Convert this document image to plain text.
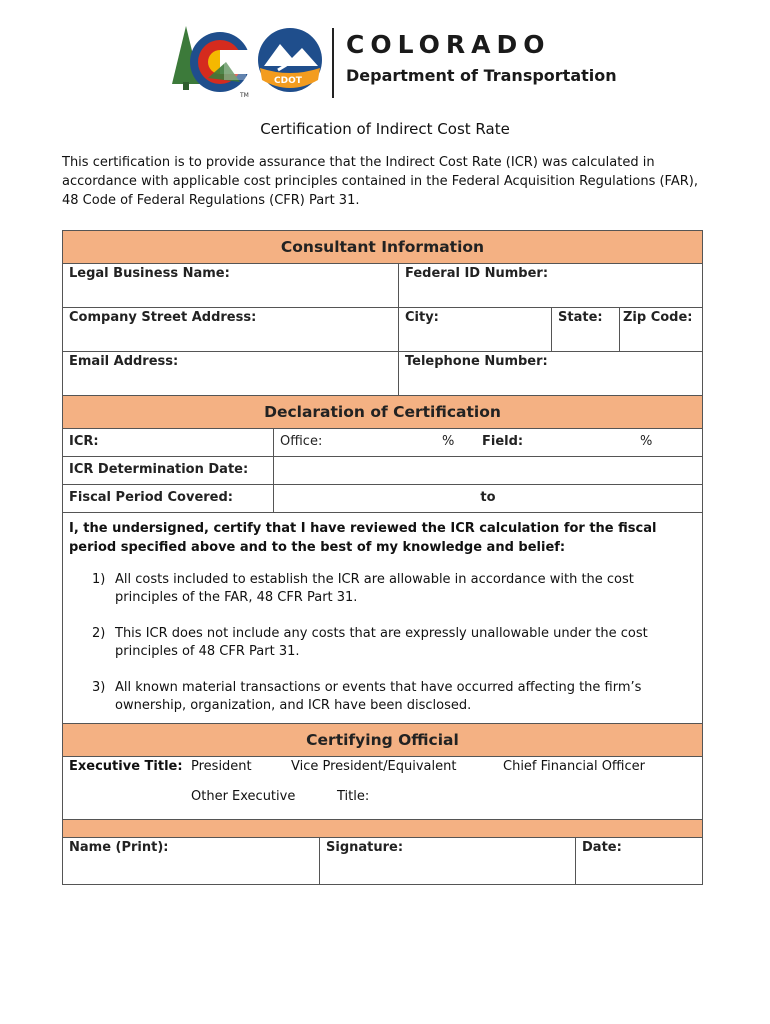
CDOT
TM
COLORADO
Department of Transportation
Certification of Indirect Cost Rate
This certification is to provide assurance that the Indirect Cost Rate (ICR) was calculated in accordance with applicable cost principles contained in the Federal Acquisition Regulations (FAR), 48 Code of Federal Regulations (CFR) Part 31.
Consultant Information
Legal Business Name:	Federal ID Number:
Company Street Address:	City:	State:	Zip Code:
Email Address:	Telephone Number:
Declaration of Certification
ICR:	Office:	% Field:	%
ICR Determination Date:
Fiscal Period Covered:	to
I, the undersigned, certify that I have reviewed the ICR calculation for the fiscal period specified above and to the best of my knowledge and belief:
1) All costs included to establish the ICR are allowable in accordance with the cost principles of the FAR, 48 CFR Part 31.
2) This ICR does not include any costs that are expressly unallowable under the cost principles of 48 CFR Part 31.
3) All known material transactions or events that have occurred affecting the firm’s ownership, organization, and ICR have been disclosed.
Certifying Official
Executive Title: President	Vice President/Equivalent	Chief Financial Officer
Other Executive	Title:
Name (Print):	Signature:	Date:
